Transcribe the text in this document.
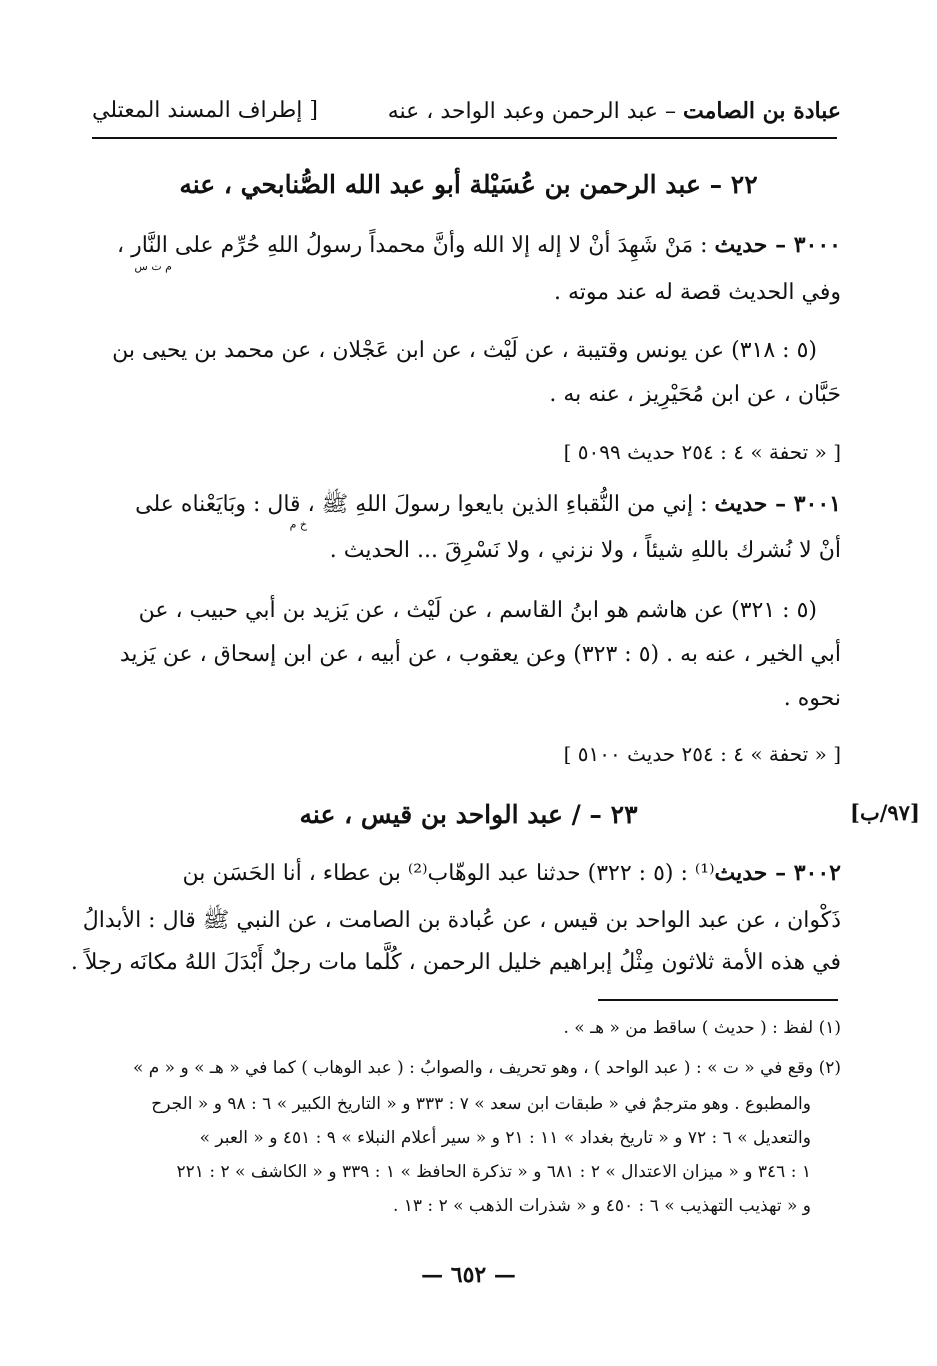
[ إطراف المسند المعتلي	عبادة بن الصامت – عبد الرحمن وعبد الواحد ، عنه
٢٢ – عبد الرحمن بن عُسَيْلة أبو عبد الله الصُّنابحي ، عنه
٣٠٠٠ – حديث : مَنْ شَهِدَ أنْ لا إله إلا الله وأنَّ محمداً رسولُ اللهِ حُرِّم على النَّار ،
م ت س
وفي الحديث قصة له عند موته .
(٥ : ٣١٨) عن يونس وقتيبة ، عن لَيْث ، عن ابن عَجْلان ، عن محمد بن يحيى بن
حَبَّان ، عن ابن مُحَيْرِيز ، عنه به .
[ « تحفة » ٤ : ٢٥٤ حديث ٥٠٩٩ ]
٣٠٠١ – حديث : إني من النُّقباءِ الذين بايعوا رسولَ اللهِ ﷺ ، قال : وبَايَعْناه على
خ م
أنْ لا نُشرك باللهِ شيئاً ، ولا نزني ، ولا نَسْرِقَ ... الحديث .
(٥ : ٣٢١) عن هاشم هو ابنُ القاسم ، عن لَيْث ، عن يَزيد بن أبي حبيب ، عن
أبي الخير ، عنه به . (٥ : ٣٢٣) وعن يعقوب ، عن أبيه ، عن ابن إسحاق ، عن يَزيد
نحوه .
[ « تحفة » ٤ : ٢٥٤ حديث ٥١٠٠ ]
٢٣ – / عبد الواحد بن قيس ، عنه	[٩٧/ب]
٣٠٠٢ – حديث⁽¹⁾ : (٥ : ٣٢٢) حدثنا عبد الوهّاب⁽²⁾ بن عطاء ، أنا الحَسَن بن
ذَكْوان ، عن عبد الواحد بن قيس ، عن عُبادة بن الصامت ، عن النبي ﷺ قال : الأبدالُ
في هذه الأمة ثلاثون مِثْلُ إبراهيم خليل الرحمن ، كُلَّما مات رجلٌ أَبْدَلَ اللهُ مكانَه رجلاً .
(١) لفظ : ( حديث ) ساقط من « هـ » .
(٢) وقع في « ت » : ( عبد الواحد ) ، وهو تحريف ، والصوابُ : ( عبد الوهاب ) كما في « هـ » و « م »
والمطبوع . وهو مترجمٌ في « طبقات ابن سعد » ٧ : ٣٣٣ و « التاريخ الكبير » ٦ : ٩٨ و « الجرح
والتعديل » ٦ : ٧٢ و « تاريخ بغداد » ١١ : ٢١ و « سير أعلام النبلاء » ٩ : ٤٥١ و « العبر »
١ : ٣٤٦ و « ميزان الاعتدال » ٢ : ٦٨١ و « تذكرة الحافظ » ١ : ٣٣٩ و « الكاشف » ٢ : ٢٢١
و « تهذيب التهذيب » ٦ : ٤٥٠ و « شذرات الذهب » ٢ : ١٣ .
— ٦٥٢ —
